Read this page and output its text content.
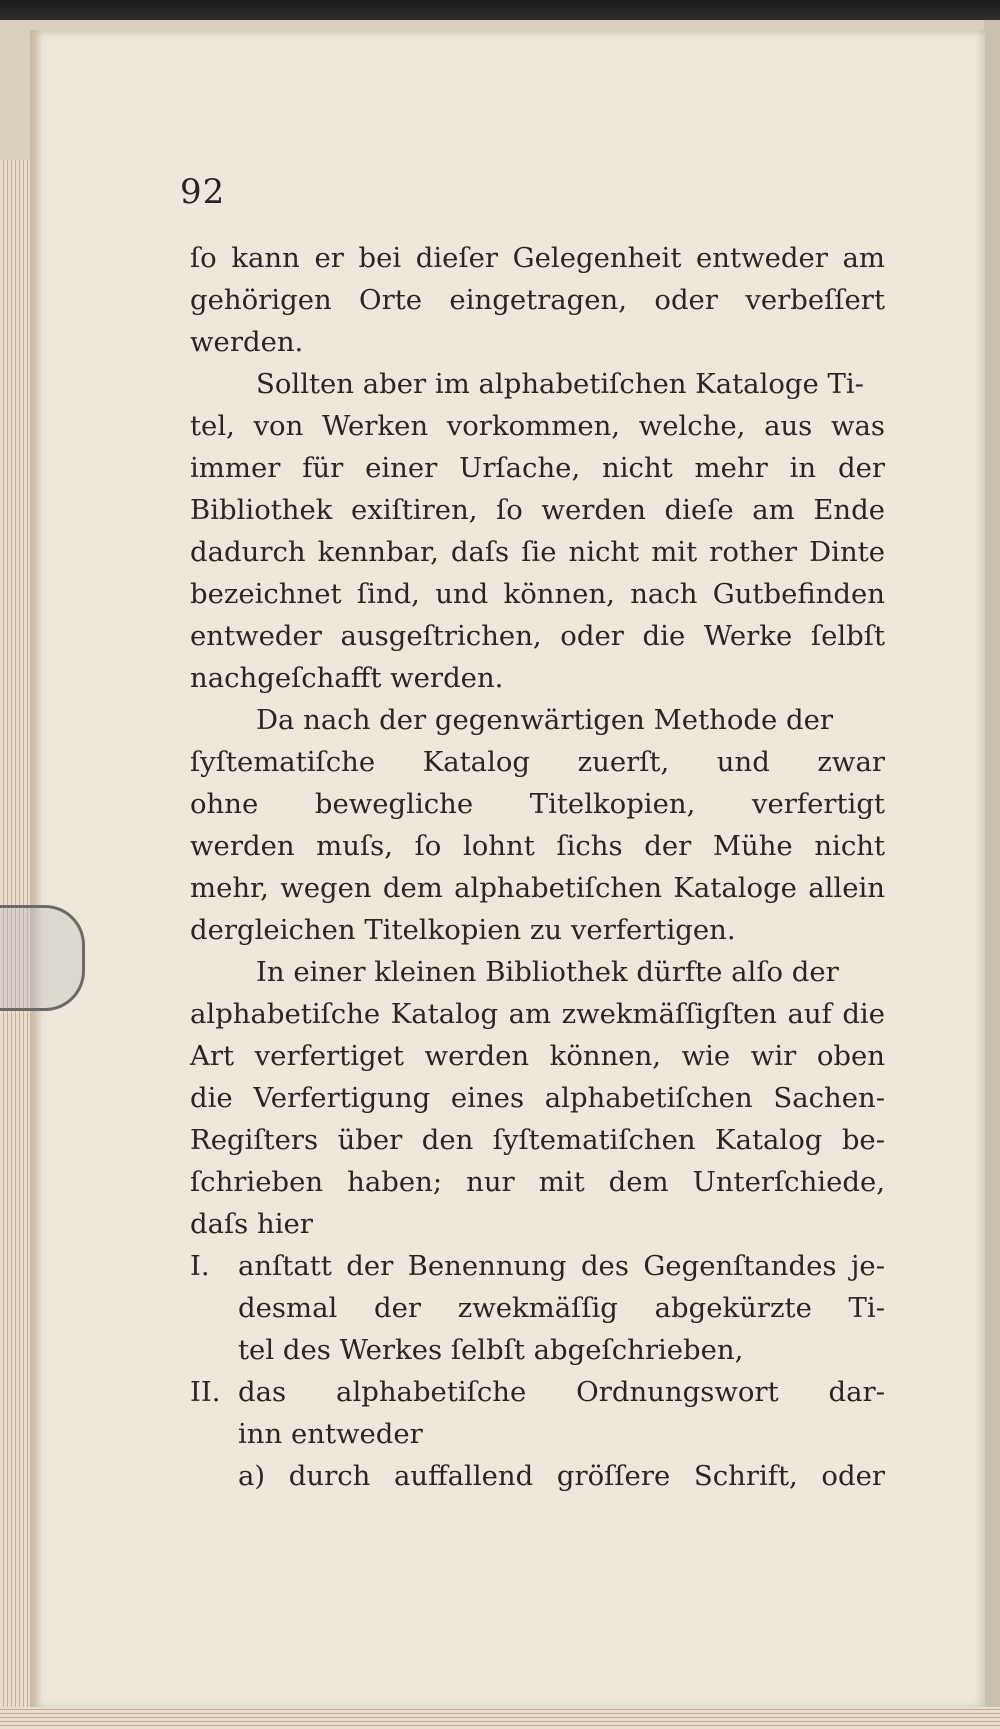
92
ſo kann er bei dieſer Gelegenheit entweder am
gehörigen Orte eingetragen, oder verbeſſert
werden.
Sollten aber im alphabetiſchen Kataloge Ti-
tel, von Werken vorkommen, welche, aus was
immer für einer Urſache, nicht mehr in der
Bibliothek exiſtiren, ſo werden dieſe am Ende
dadurch kennbar, daſs ſie nicht mit rother Dinte
bezeichnet ſind, und können, nach Gutbefinden
entweder ausgeſtrichen, oder die Werke ſelbſt
nachgeſchafft werden.
Da nach der gegenwärtigen Methode der
ſyſtematiſche Katalog zuerſt, und zwar
ohne bewegliche Titelkopien, verfertigt
werden muſs, ſo lohnt ſichs der Mühe nicht
mehr, wegen dem alphabetiſchen Kataloge allein
dergleichen Titelkopien zu verfertigen.
In einer kleinen Bibliothek dürfte alſo der
alphabetiſche Katalog am zwekmäſſigſten auf die
Art verfertiget werden können, wie wir oben
die Verfertigung eines alphabetiſchen Sachen-
Regiſters über den ſyſtematiſchen Katalog be-
ſchrieben haben; nur mit dem Unterſchiede,
daſs hier
I.	anſtatt der Benennung des Gegenſtandes je-
desmal der zwekmäſſig abgekürzte Ti-
tel des Werkes ſelbſt abgeſchrieben,
II. das alphabetiſche Ordnungswort dar-
inn entweder
a) durch auffallend gröſſere Schrift, oder
